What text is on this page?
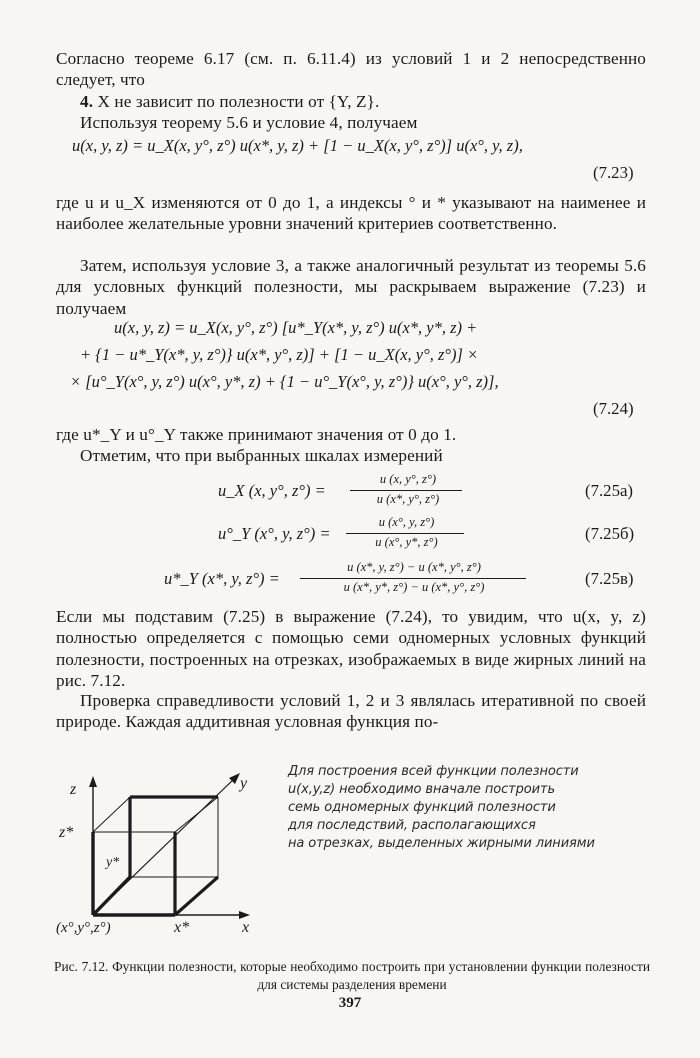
Согласно теореме 6.17 (см. п. 6.11.4) из условий 1 и 2 непосредственно следует, что
4. X не зависит по полезности от {Y, Z}.
Используя теорему 5.6 и условие 4, получаем
u(x, y, z) = u_X(x, y°, z°) u(x*, y, z) + [1 − u_X(x, y°, z°)] u(x°, y, z),
(7.23)
где u и u_X изменяются от 0 до 1, а индексы ° и * указывают на наименее и наиболее желательные уровни значений критериев соответственно.
Затем, используя условие 3, а также аналогичный результат из теоремы 5.6 для условных функций полезности, мы раскрываем выражение (7.23) и получаем
u(x, y, z) = u_X(x, y°, z°) [u*_Y(x*, y, z°) u(x*, y*, z) +
+ {1 − u*_Y(x*, y, z°)} u(x*, y°, z)] + [1 − u_X(x, y°, z°)] ×
× [u°_Y(x°, y, z°) u(x°, y*, z) + {1 − u°_Y(x°, y, z°)} u(x°, y°, z)],
(7.24)
где u*_Y и u°_Y также принимают значения от 0 до 1.
Отметим, что при выбранных шкалах измерений
u_X (x, y°, z°) =
u (x, y°, z°)
u (x*, y°, z°)	(7.25а)
u°_Y (x°, y, z°) =
u (x°, y, z°)
u (x°, y*, z°)	(7.25б)
u*_Y (x*, y, z°) =
u (x*, y, z°) − u (x*, y°, z°)
u (x*, y*, z°) − u (x*, y°, z°)	(7.25в)
Если мы подставим (7.25) в выражение (7.24), то увидим, что u(x, y, z) полностью определяется с помощью семи одномерных условных функций полезности, построенных на отрезках, изображаемых в виде жирных линий на рис. 7.12.
Проверка справедливости условий 1, 2 и 3 являлась итеративной по своей природе. Каждая аддитивная условная функция по-
z
z*
y
y*
x*	x
(x°,y°,z°)
Для построения всей функции полезности
u(x,y,z) необходимо вначале построить
семь одномерных функций полезности
для последствий, располагающихся
на отрезках, выделенных жирными линиями
Рис. 7.12. Функции полезности, которые необходимо построить при установлении функции полезности для системы разделения времени
397
